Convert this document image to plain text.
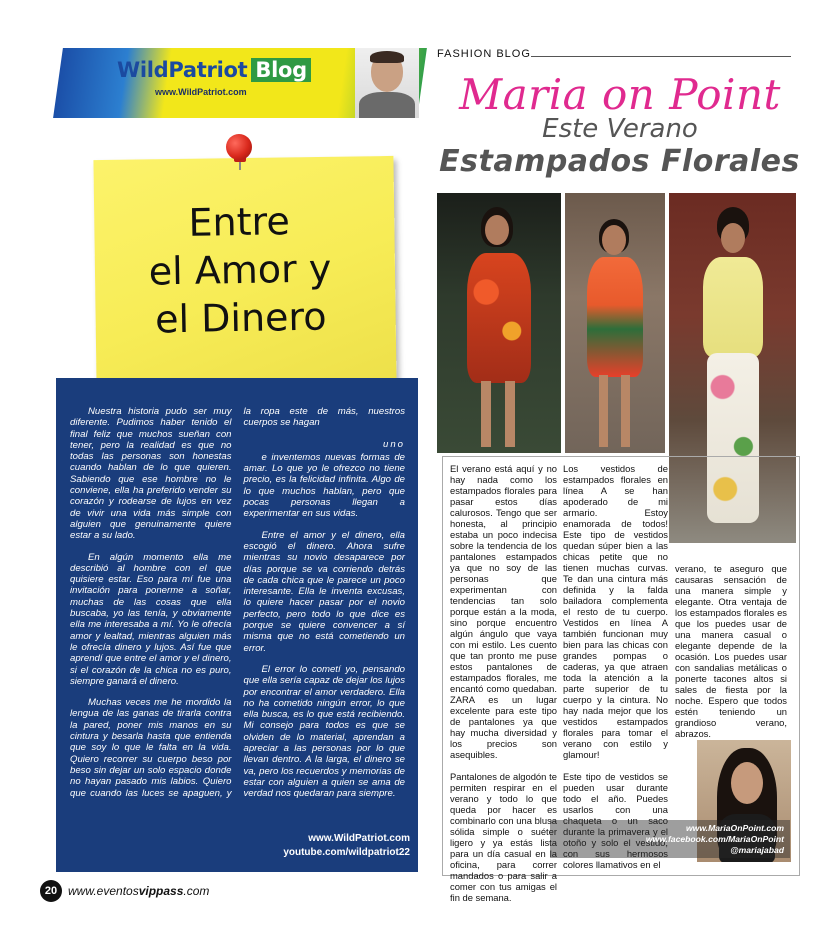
WildPatriot Blog
www.WildPatriot.com
Entre
el Amor y
el Dinero

Nuestra historia pudo ser muy diferente. Pudimos haber tenido el final feliz que muchos sueñan con tener, pero la realidad es que no todas las personas son honestas cuando hablan de lo que quieren. Sabiendo que ese hombre no le conviene, ella ha preferido vender su corazón y rodearse de lujos en vez de vivir una vida más simple con alguien que genuinamente quiere estar a su lado.

En algún momento ella me describió al hombre con el que quisiere estar. Eso para mí fue una invitación para ponerme a soñar, muchas de las cosas que ella buscaba, yo las tenía, y obviamente ella me interesaba a mí. Yo le ofrecía amor y lealtad, mientras alguien más le ofrecía dinero y lujos. Así fue que aprendí que entre el amor y el dinero, si el corazón de la chica no es puro, siempre ganará el dinero.

Muchas veces me he mordido la lengua de las ganas de tirarla contra la pared, poner mis manos en su cintura y besarla hasta que entienda que soy lo que le falta en la vida. Quiero recorrer su cuerpo beso por beso sin dejar un solo espacio donde no hayan pasado mis labios. Quiero que cuando las luces se apaguen, y la ropa este de más, nuestros cuerpos se hagan

uno

e inventemos nuevas formas de amar. Lo que yo le ofrezco no tiene precio, es la felicidad infinita. Algo de lo que muchos hablan, pero que pocas personas llegan a experimentar en sus vidas.

Entre el amor y el dinero, ella escogió el dinero. Ahora sufre mientras su novio desaparece por días porque se va corriendo detrás de cada chica que le parece un poco interesante. Ella le inventa excusas, lo quiere hacer pasar por el novio perfecto, pero todo lo que dice es porque se quiere convencer a sí misma que no está cometiendo un error.

El error lo cometí yo, pensando que ella sería capaz de dejar los lujos por encontrar el amor verdadero. Ella no ha cometido ningún error, lo que ella busca, es lo que está recibiendo. Mi consejo para todos es que se olviden de lo material, aprendan a apreciar a las personas por lo que llevan dentro. A la larga, el dinero se va, pero los recuerdos y memorias de estar con alguien a quien se ama de verdad nos quedaran para siempre.

www.WildPatriot.com
youtube.com/wildpatriot22
20 www.eventosvippass.com
FASHION BLOG
Maria on Point
Este Verano
Estampados Florales

El verano está aquí y no hay nada como los estampados florales para pasar estos días calurosos. Tengo que ser honesta, al principio estaba un poco indecisa sobre la tendencia de los pantalones estampados ya que no soy de las personas que experimentan con tendencias tan solo porque están a la moda, sino porque encuentro algún ángulo que vaya con mi estilo. Les cuento que tan pronto me puse estos pantalones de estampados florales, me encantó como quedaban. ZARA es un lugar excelente para este tipo de pantalones ya que hay mucha diversidad y los precios son asequibles.

Pantalones de algodón te permiten respirar en el verano y todo lo que queda por hacer es combinarlo con una blusa sólida simple o suéter ligero y ya estás lista para un día casual en la oficina, para correr mandados o para salir a comer con tus amigas el fin de semana.

Los vestidos de estampados florales en línea A se han apoderado de mi armario. Estoy enamorada de todos! Este tipo de vestidos quedan súper bien a las chicas petite que no tienen muchas curvas. Te dan una cintura más definida y la falda bailadora complementa el resto de tu cuerpo. Vestidos en línea A también funcionan muy bien para las chicas con grandes pompas o caderas, ya que atraen toda la atención a la parte superior de tu cuerpo y la cintura. No hay nada mejor que los vestidos estampados florales para tomar el verano con estilo y glamour!

Este tipo de vestidos se pueden usar durante todo el año. Puedes usarlos con una chaqueta o un saco durante la primavera y el otoño y solo el vestido, con sus hermosos colores llamativos en el

verano, te aseguro que causaras sensación de una manera simple y elegante. Otra ventaja de los estampados florales es que los puedes usar de una manera casual o elegante depende de la ocasión. Los puedes usar con sandalias metálicas o ponerte tacones altos si sales de fiesta por la noche. Espero que todos estén teniendo un grandioso verano, abrazos.

www.MariaOnPoint.com
www.facebook.com/MariaOnPoint
@mariajabad
